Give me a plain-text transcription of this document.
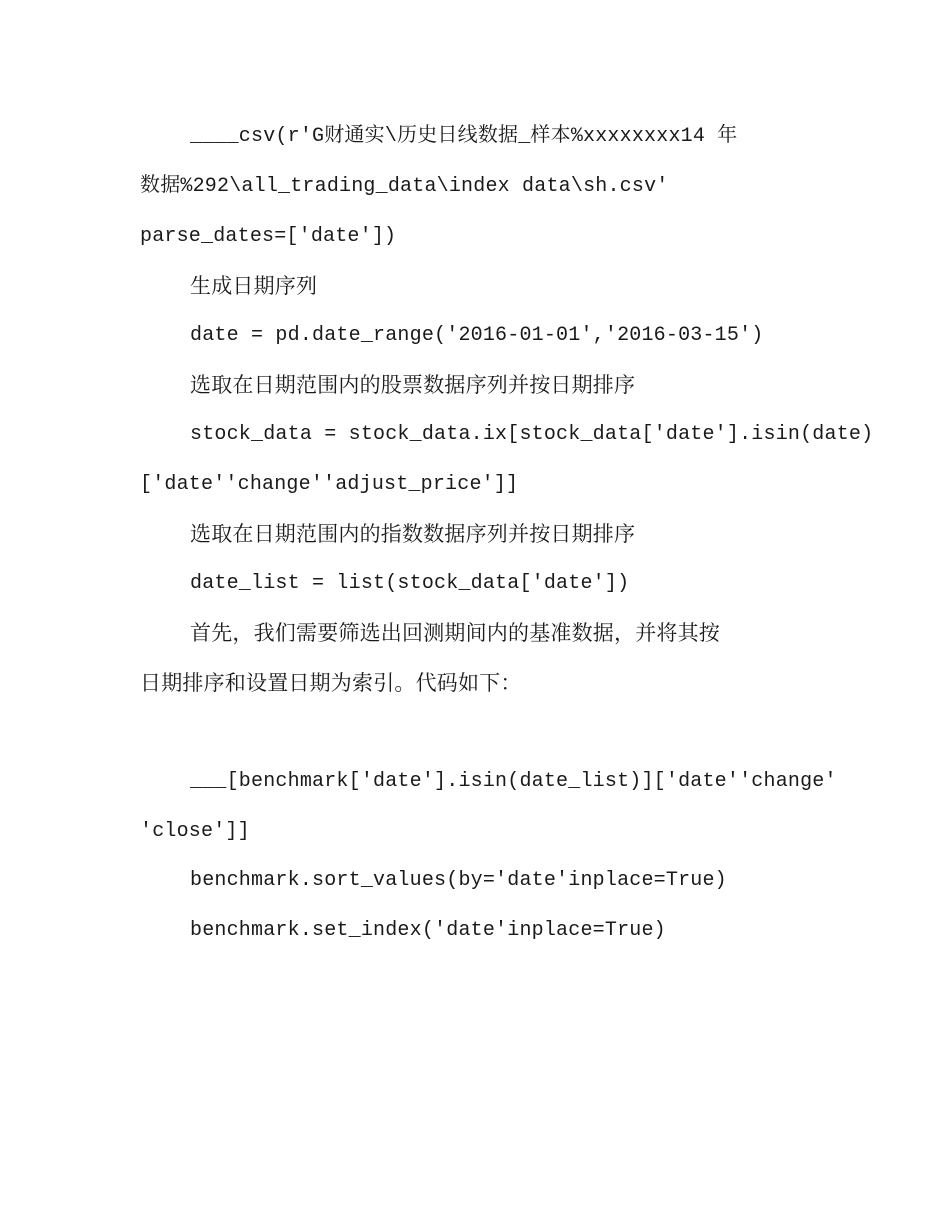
____csv(r'G财通实\历史日线数据_样本%xxxxxxxx14 年
数据%292\all_trading_data\index data\sh.csv'
parse_dates=['date'])
生成日期序列
date = pd.date_range('2016-01-01','2016-03-15')
选取在日期范围内的股票数据序列并按日期排序
stock_data = stock_data.ix[stock_data['date'].isin(date)
['date''change''adjust_price']]
选取在日期范围内的指数数据序列并按日期排序
date_list = list(stock_data['date'])
首先，我们需要筛选出回测期间内的基准数据，并将其按
日期排序和设置日期为索引。代码如下：
___[benchmark['date'].isin(date_list)]['date''change'
'close']]
benchmark.sort_values(by='date'inplace=True)
benchmark.set_index('date'inplace=True)
